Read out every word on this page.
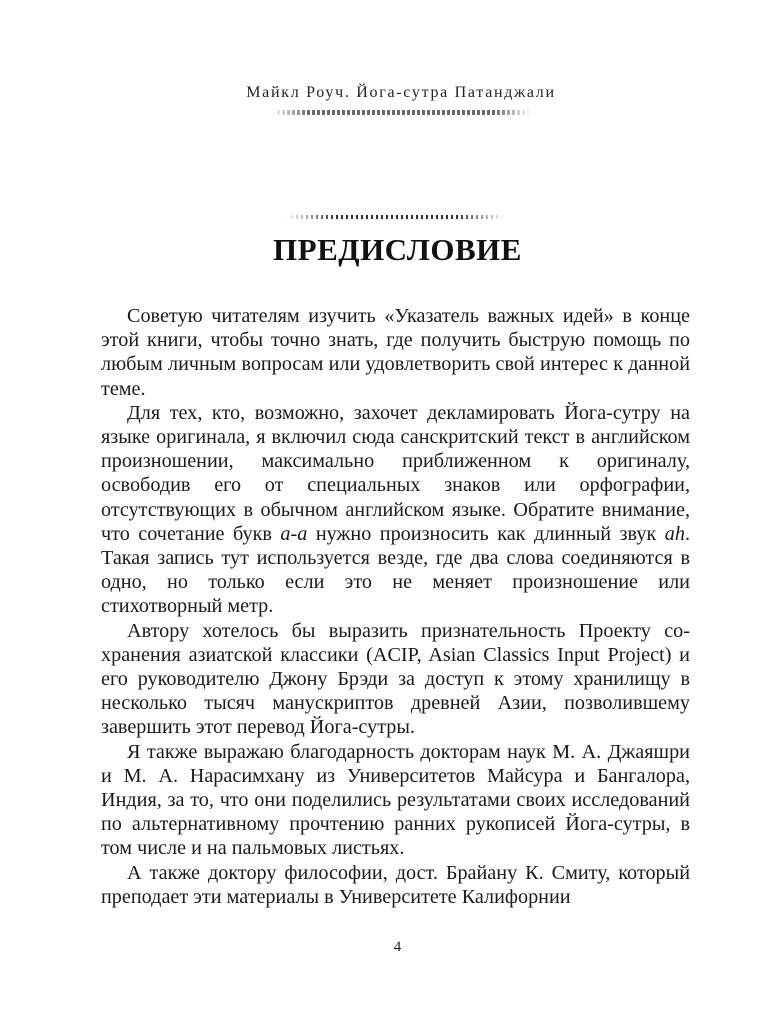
Майкл Роуч. Йога-сутра Патанджали
ПРЕДИСЛОВИЕ

Советую читателям изучить «Указатель важных идей» в конце этой книги, чтобы точно знать, где получить быструю помощь по любым личным вопросам или удовлетворить свой интерес к данной теме.

Для тех, кто, возможно, захочет декламировать Йога-сутру на языке оригинала, я включил сюда санскритский текст в английском произношении, максимально приближенном к оригиналу, освободив его от специальных знаков или орфографии, отсутствующих в обычном английском языке. Обратите внимание, что сочетание букв а-а нужно произносить как длинный звук ah. Такая запись тут используется везде, где два слова соединяются в одно, но только если это не меняет произношение или стихотворный метр.

Автору хотелось бы выразить признательность Проекту сохранения азиатской классики (ACIP, Asian Classics Input Project) и его руководителю Джону Брэди за доступ к этому хранилищу в несколько тысяч манускриптов древней Азии, позволившему завершить этот перевод Йога-сутры.

Я также выражаю благодарность докторам наук М. А. Джаяшри и М. А. Нарасимхану из Университетов Майсура и Бангалора, Индия, за то, что они поделились результатами своих исследований по альтернативному прочтению ранних рукописей Йога-сутры, в том числе и на пальмовых листьях.

А также доктору философии, дост. Брайану К. Смиту, который преподает эти материалы в Университете Калифорнии

4
